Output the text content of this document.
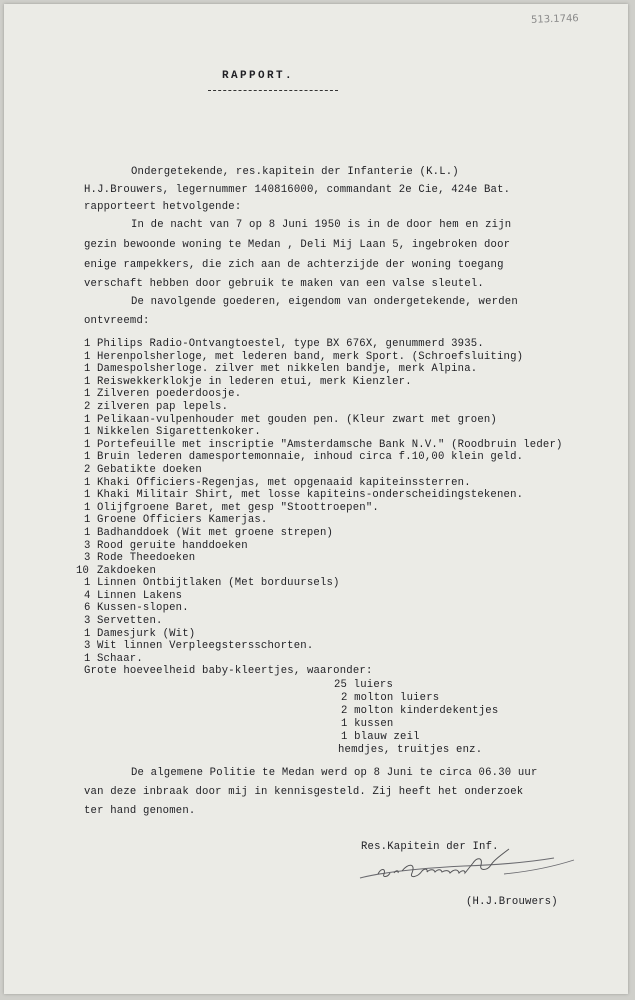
513.1746
RAPPORT.
Ondergetekende, res.kapitein der Infanterie (K.L.)
H.J.Brouwers, legernummer 140816000, commandant 2e Cie, 424e Bat.
rapporteert hetvolgende:
In de nacht van 7 op 8 Juni 1950 is in de door hem en zijn
gezin bewoonde woning te Medan , Deli Mij Laan 5, ingebroken door
enige rampekkers, die zich aan de achterzijde der woning toegang
verschaft hebben door gebruik te maken van een valse sleutel.
De navolgende goederen, eigendom van ondergetekende, werden
ontvreemd:
1 Philips Radio-Ontvangtoestel, type BX 676X, genummerd 3935.
1 Herenpolsherloge, met lederen band, merk Sport. (Schroefsluiting)
1 Damespolsherloge. zilver met nikkelen bandje, merk Alpina.
1 Reiswekkerklokje in lederen etui, merk Kienzler.
1 Zilveren poederdoosje.
2 zilveren pap lepels.
1 Pelikaan-vulpenhouder met gouden pen. (Kleur zwart met groen)
1 Nikkelen Sigarettenkoker.
1 Portefeuille met inscriptie "Amsterdamsche Bank N.V." (Roodbruin leder)
1 Bruin lederen damesportemonnaie, inhoud circa f.10,00 klein geld.
2 Gebatikte doeken
1 Khaki Officiers-Regenjas, met opgenaaid kapiteinssterren.
1 Khaki Militair Shirt, met losse kapiteins-onderscheidingstekenen.
1 Olijfgroene Baret, met gesp "Stoottroepen".
1 Groene Officiers Kamerjas.
1 Badhanddoek (Wit met groene strepen)
3 Rood geruite handdoeken
3 Rode Theedoeken
10 Zakdoeken
1 Linnen Ontbijtlaken (Met borduursels)
4 Linnen Lakens
6 Kussen-slopen.
3 Servetten.
1 Damesjurk (Wit)
3 Wit linnen Verpleegstersschorten.
1 Schaar.
Grote hoeveelheid baby-kleertjes, waaronder:
25 luiers
2 molton luiers
2 molton kinderdekentjes
1 kussen
1 blauw zeil
hemdjes, truitjes enz.
De algemene Politie te Medan werd op 8 Juni te circa 06.30 uur
van deze inbraak door mij in kennisgesteld. Zij heeft het onderzoek
ter hand genomen.
Res.Kapitein der Inf.
(H.J.Brouwers)
